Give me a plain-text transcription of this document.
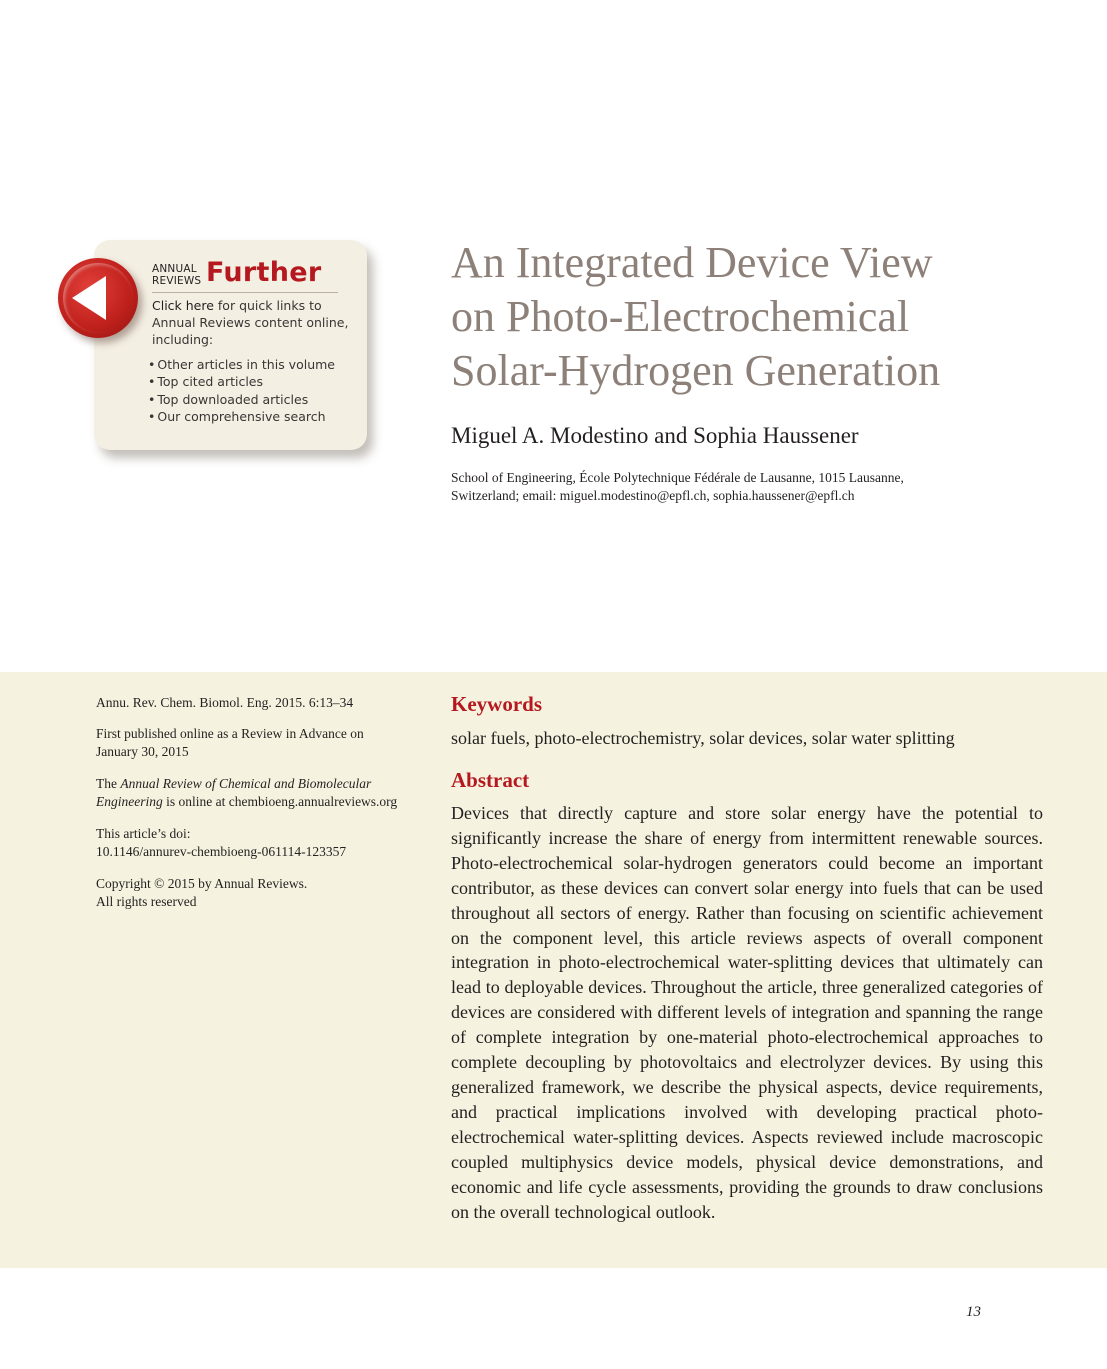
ANNUAL
REVIEWS Further
Click here for quick links to Annual Reviews content online, including:
• Other articles in this volume
• Top cited articles
• Top downloaded articles
• Our comprehensive search
An Integrated Device View
on Photo-Electrochemical
Solar-Hydrogen Generation
Miguel A. Modestino and Sophia Haussener
School of Engineering, École Polytechnique Fédérale de Lausanne, 1015 Lausanne,
Switzerland; email: miguel.modestino@epfl.ch, sophia.haussener@epfl.ch
Annu. Rev. Chem. Biomol. Eng. 2015. 6:13–34
First published online as a Review in Advance on
January 30, 2015
The Annual Review of Chemical and Biomolecular
Engineering is online at chembioeng.annualreviews.org
This article’s doi:
10.1146/annurev-chembioeng-061114-123357
Copyright © 2015 by Annual Reviews.
All rights reserved
Keywords
solar fuels, photo-electrochemistry, solar devices, solar water splitting
Abstract

Devices that directly capture and store solar energy have the potential to significantly increase the share of energy from intermittent renewable sources. Photo-electrochemical solar-hydrogen generators could become an important contributor, as these devices can convert solar energy into fuels that can be used throughout all sectors of energy. Rather than focusing on scientific achievement on the component level, this article reviews aspects of overall component integration in photo-electrochemical water-splitting devices that ultimately can lead to deployable devices. Throughout the article, three generalized categories of devices are considered with different levels of integration and spanning the range of complete integration by one-material photo-electrochemical approaches to complete decoupling by photovoltaics and electrolyzer devices. By using this generalized framework, we describe the physical aspects, device requirements, and practical implications involved with developing practical photo-electrochemical water-splitting devices. Aspects reviewed include macroscopic coupled multiphysics device models, physical device demonstrations, and economic and life cycle assessments, providing the grounds to draw conclusions on the overall technological outlook.

13
